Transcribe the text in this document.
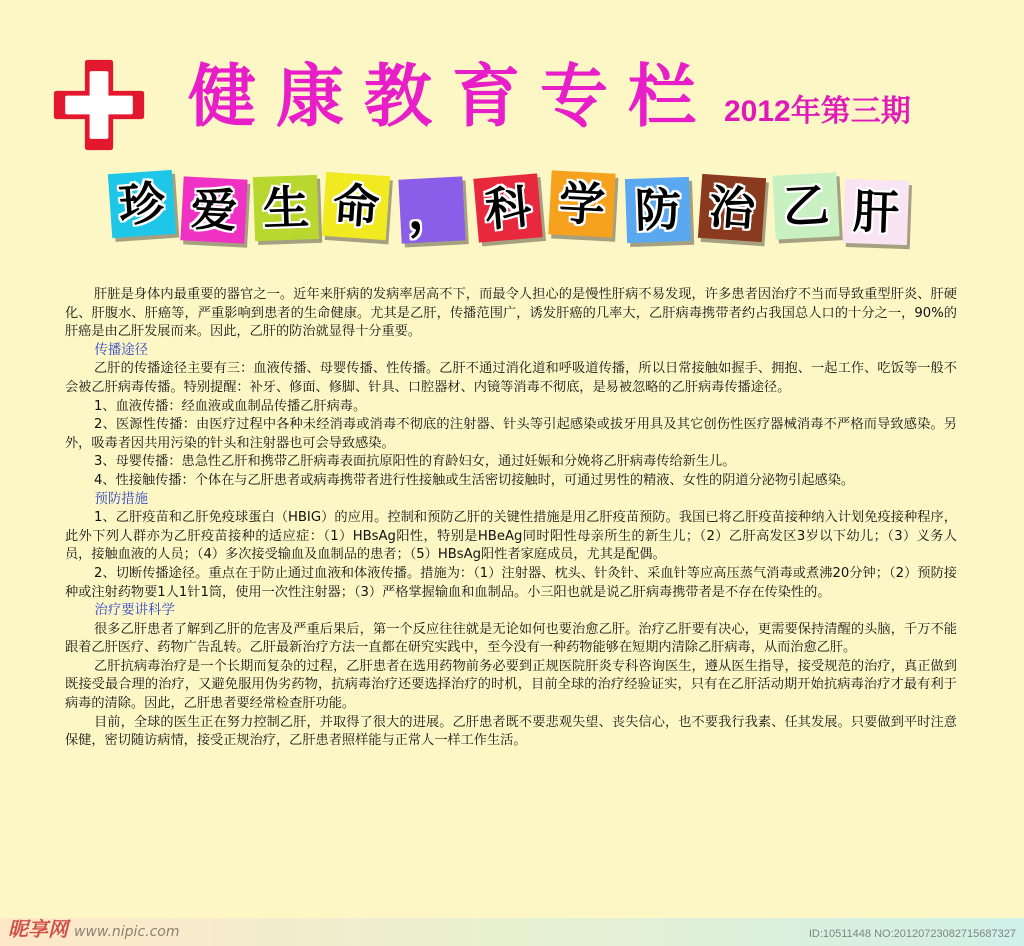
健康教育专栏 2012年第三期
珍 爱 生 命 ， 科 学 防 治 乙 肝

肝脏是身体内最重要的器官之一。近年来肝病的发病率居高不下，而最令人担心的是慢性肝病不易发现，许多患者因治疗不当而导致重型肝炎、肝硬化、肝腹水、肝癌等，严重影响到患者的生命健康。尤其是乙肝，传播范围广，诱发肝癌的几率大，乙肝病毒携带者约占我国总人口的十分之一，90%的肝癌是由乙肝发展而来。因此，乙肝的防治就显得十分重要。

传播途径

乙肝的传播途径主要有三：血液传播、母婴传播、性传播。乙肝不通过消化道和呼吸道传播，所以日常接触如握手、拥抱、一起工作、吃饭等一般不会被乙肝病毒传播。特别提醒：补牙、修面、修脚、针具、口腔器材、内镜等消毒不彻底，是易被忽略的乙肝病毒传播途径。

1、血液传播：经血液或血制品传播乙肝病毒。

2、医源性传播：由医疗过程中各种未经消毒或消毒不彻底的注射器、针头等引起感染或拔牙用具及其它创伤性医疗器械消毒不严格而导致感染。另外，吸毒者因共用污染的针头和注射器也可会导致感染。

3、母婴传播：患急性乙肝和携带乙肝病毒表面抗原阳性的育龄妇女，通过妊娠和分娩将乙肝病毒传给新生儿。

4、性接触传播：个体在与乙肝患者或病毒携带者进行性接触或生活密切接触时，可通过男性的精液、女性的阴道分泌物引起感染。

预防措施

1、乙肝疫苗和乙肝免疫球蛋白（HBIG）的应用。控制和预防乙肝的关键性措施是用乙肝疫苗预防。我国已将乙肝疫苗接种纳入计划免疫接种程序，此外下列人群亦为乙肝疫苗接种的适应症：（1）HBsAg阳性，特别是HBeAg同时阳性母亲所生的新生儿；（2）乙肝高发区3岁以下幼儿；（3）义务人员，接触血液的人员；（4）多次接受输血及血制品的患者；（5）HBsAg阳性者家庭成员，尤其是配偶。

2、切断传播途径。重点在于防止通过血液和体液传播。措施为：（1）注射器、枕头、针灸针、采血针等应高压蒸气消毒或煮沸20分钟；（2）预防接种或注射药物要1人1针1筒，使用一次性注射器；（3）严格掌握输血和血制品。小三阳也就是说乙肝病毒携带者是不存在传染性的。

治疗要讲科学

很多乙肝患者了解到乙肝的危害及严重后果后，第一个反应往往就是无论如何也要治愈乙肝。治疗乙肝要有决心，更需要保持清醒的头脑，千万不能跟着乙肝医疗、药物广告乱转。乙肝最新治疗方法一直都在研究实践中，至今没有一种药物能够在短期内清除乙肝病毒，从而治愈乙肝。

乙肝抗病毒治疗是一个长期而复杂的过程，乙肝患者在选用药物前务必要到正规医院肝炎专科咨询医生，遵从医生指导，接受规范的治疗，真正做到既接受最合理的治疗，又避免服用伪劣药物，抗病毒治疗还要选择治疗的时机，目前全球的治疗经验证实，只有在乙肝活动期开始抗病毒治疗才最有利于病毒的清除。因此，乙肝患者要经常检查肝功能。

目前，全球的医生正在努力控制乙肝，并取得了很大的进展。乙肝患者既不要悲观失望、丧失信心，也不要我行我素、任其发展。只要做到平时注意保健，密切随访病情，接受正规治疗，乙肝患者照样能与正常人一样工作生活。

昵享网 www.nipic.com	ID:10511448 NO:20120723082715687327
